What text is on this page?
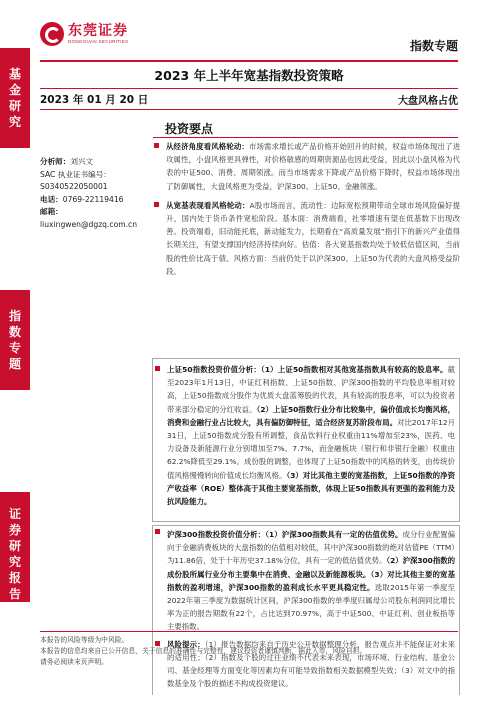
东莞证券
DONGGUAN SECURITIES	指数专题
基
金
研
究
指
数
专
题
证
券
研
究
报
告
2023 年上半年宽基指数投资策略
2023 年 01 月 20 日	大盘风格占优
分析师：刘兴文
SAC 执业证书编号：
S0340522050001
电话：0769-22119416
邮箱：liuxingwen@dgzq.com.cn
投资要点
从经济角度看风格轮动：市场需求增长或产品价格开始回升的时候，权益市场体现出了进攻属性，小盘风格更具弹性，对价格敏感的周期资源品也因此受益，因此以小盘风格为代表的中证500、消费、周期领涨。而当市场需求下降或产品价格下降时，权益市场体现出了防御属性，大盘风格更为受益，沪深300、上证50、金融领涨。
从宽基表现看风格轮动：A股市场而言，流动性：边际宽松预期带动全球市场风险偏好提升，国内处于货币条件宽松阶段。基本面：消费端看，社零增速有望在低基数下出现改善。投资端看，旧动能托底，新动能发力，长期看在“高质量发展”指引下的新兴产业值得长期关注，有望支撑国内经济持续向好。估值：各大宽基指数均处于较低估值区间，当前股的性价比高于债。风格方面：当前仍处于以沪深300、上证50为代表的大盘风格受益阶段。
上证50指数投资价值分析：（1）上证50指数相对其他宽基指数具有较高的股息率。截至2023年1月13日，中证红利指数、上证50指数、沪深300指数的平均股息率相对较高，上证50指数成分股作为优质大盘蓝筹股的代表，具有较高的股息率，可以为投资者带来部分稳定的分红收益。（2）上证50指数行业分布比较集中，偏价值成长均衡风格，消费和金融行业占比较大，具有偏防御特征，适合经济复苏阶段布局。对比2017年12月31日，上证50指数成分股有所调整，食品饮料行业权重由11%增加至23%，医药、电力设备及新能源行业分别增加至7%、7.7%，而金融板块（银行和非银行金融）权重由62.2%降低至29.1%。成份股的调整，也体现了上证50指数中的风格的转变，由传统价值风格慢慢转向价值成长均衡风格。（3）对比其他主要的宽基指数，上证50指数的净资产收益率（ROE）整体高于其他主要宽基指数，体现上证50指数具有更强的盈利能力及抗风险能力。
沪深300指数投资价值分析：（1）沪深300指数具有一定的估值优势。成分行业配置偏向于金融消费板块的大盘指数的估值相对较低，其中沪深300指数的绝对估值PE（TTM）为11.86倍，处于十年历史37.18%分位，具有一定的低估值优势。（2）沪深300指数的成份股所属行业分布主要集中在消费、金融以及新能源板块。（3）对比其他主要的宽基指数的盈利增速，沪深300指数的盈利成长水平更具稳定性。选取2015年第一季度至2022年第三季度为数据统计区间，沪深300指数的单季度归属母公司股东利润同比增长率为正的报告期数有22个，占比达到70.97%，高于中证500、中证红利、创业板指等主要指数。
风险提示：（1）报告数据均来自于历史公开数据整理分析，报告观点并不能保证对未来的适用性；（2）指数及个股的过往业绩不代表未来表现，市场环境、行业结构、基金公司、基金经理等方面变化等因素均有可能导致指数相关数据模型失效；（3）对文中的指数基金及个股的描述不构成投资建议。
本报告的风险等级为中风险。
本报告的信息均来自已公开信息，关于信息的准确性与完整性，建议投资者谨慎判断，据此入市，风险自担。
请务必阅读末页声明。
